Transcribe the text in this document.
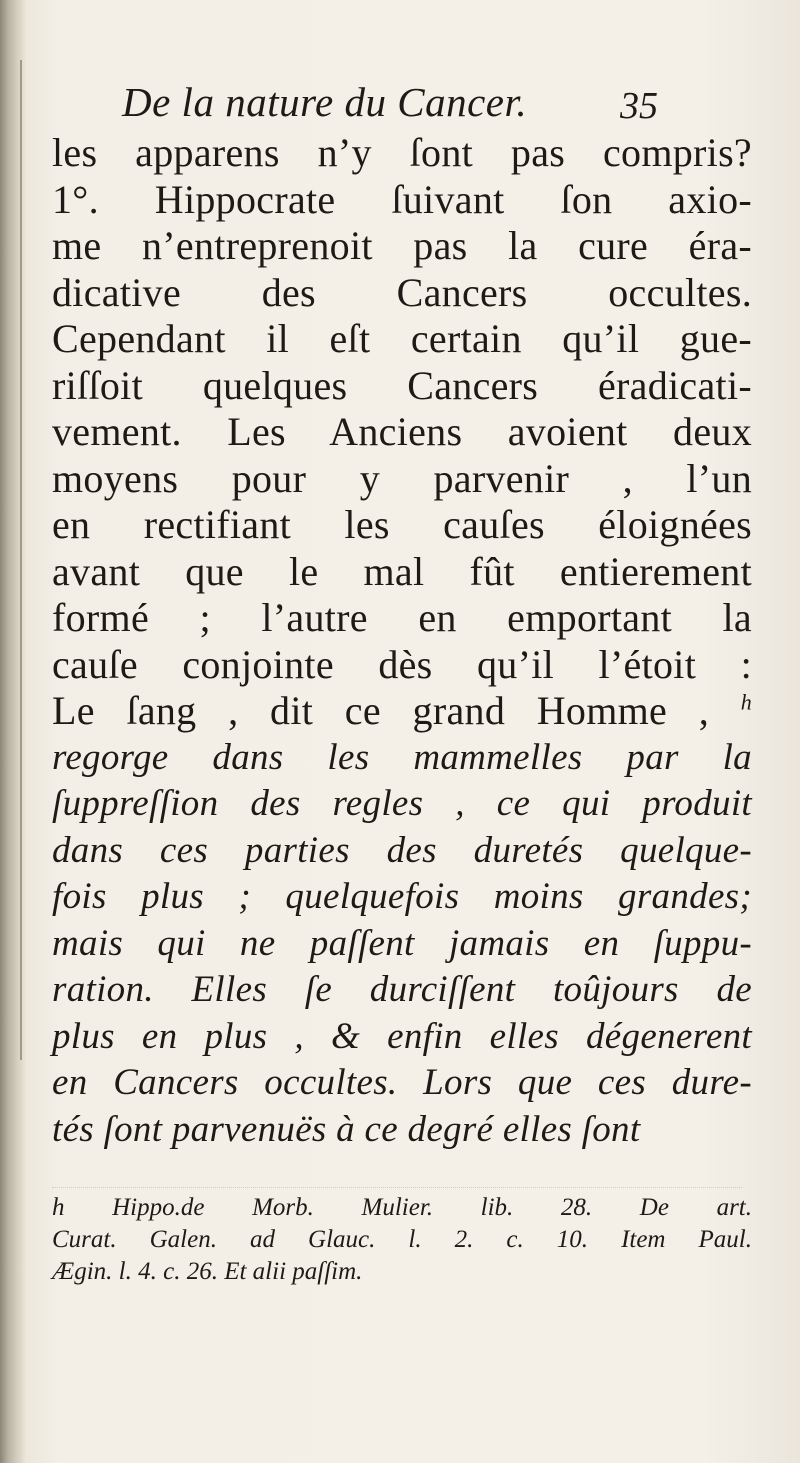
De la nature du Cancer. 35
les apparens n’y ſont pas compris?
1°. Hippocrate ſuivant ſon axio-
me n’entreprenoit pas la cure éra-
dicative des Cancers occultes.
Cependant il eſt certain qu’il gue-
riſſoit quelques Cancers éradicati-
vement. Les Anciens avoient deux
moyens pour y parvenir , l’un
en rectifiant les cauſes éloignées
avant que le mal fût entierement
formé ; l’autre en emportant la
cauſe conjointe dès qu’il l’étoit :
Le ſang , dit ce grand Homme , $^h$
regorge dans les mammelles par la
ſuppreſſion des regles , ce qui produit
dans ces parties des duretés quelque-
fois plus ; quelquefois moins grandes;
mais qui ne paſſent jamais en ſuppu-
ration. Elles ſe durciſſent toûjours de
plus en plus , & enfin elles dégenerent
en Cancers occultes. Lors que ces dure-
tés ſont parvenuës à ce degré elles ſont
h Hippo.de Morb. Mulier. lib. 28. De art.
Curat. Galen. ad Glauc. l. 2. c. 10. Item Paul.
Ægin. l. 4. c. 26. Et alii paſſim.
